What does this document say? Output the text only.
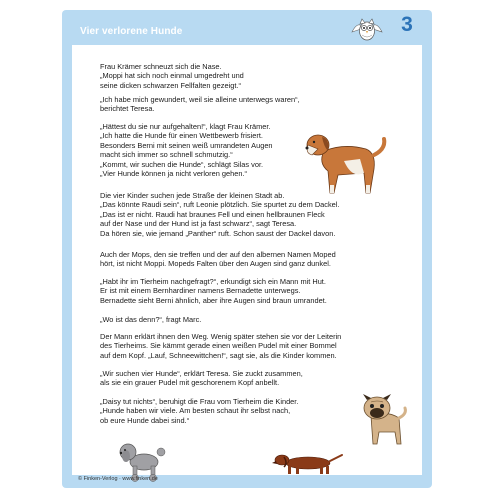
Vier verlorene Hunde	3

Frau Krämer schneuzt sich die Nase.
„Moppi hat sich noch einmal umgedreht und
seine dicken schwarzen Fellfalten gezeigt.“

„Ich habe mich gewundert, weil sie alleine unterwegs waren“,
berichtet Teresa.

„Hättest du sie nur aufgehalten!“, klagt Frau Krämer.
„Ich hatte die Hunde für einen Wettbewerb frisiert.
Besonders Berni mit seinen weiß umrandeten Augen
macht sich immer so schnell schmutzig.“
„Kommt, wir suchen die Hunde“, schlägt Silas vor.
„Vier Hunde können ja nicht verloren gehen.“

Die vier Kinder suchen jede Straße der kleinen Stadt ab.
„Das könnte Raudi sein“, ruft Leonie plötzlich. Sie spurtet zu dem Dackel.
„Das ist er nicht. Raudi hat braunes Fell und einen hellbraunen Fleck
auf der Nase und der Hund ist ja fast schwarz“, sagt Teresa.
Da hören sie, wie jemand „Panther“ ruft. Schon saust der Dackel davon.

Auch der Mops, den sie treffen und der auf den albernen Namen Moped
hört, ist nicht Moppi. Mopeds Falten über den Augen sind ganz dunkel.

„Habt ihr im Tierheim nachgefragt?“, erkundigt sich ein Mann mit Hut.
Er ist mit einem Bernhardiner namens Bernadette unterwegs.
Bernadette sieht Berni ähnlich, aber ihre Augen sind braun umrandet.

„Wo ist das denn?“, fragt Marc.

Der Mann erklärt ihnen den Weg. Wenig später stehen sie vor der Leiterin
des Tierheims. Sie kämmt gerade einen weißen Pudel mit einer Bommel
auf dem Kopf. „Lauf, Schneewittchen!“, sagt sie, als die Kinder kommen.

„Wir suchen vier Hunde“, erklärt Teresa. Sie zuckt zusammen,
als sie ein grauer Pudel mit geschorenem Kopf anbellt.

„Daisy tut nichts“, beruhigt die Frau vom Tierheim die Kinder.
„Hunde haben wir viele. Am besten schaut ihr selbst nach,
ob eure Hunde dabei sind.“

© Finken-Verlog · www.finken.de
